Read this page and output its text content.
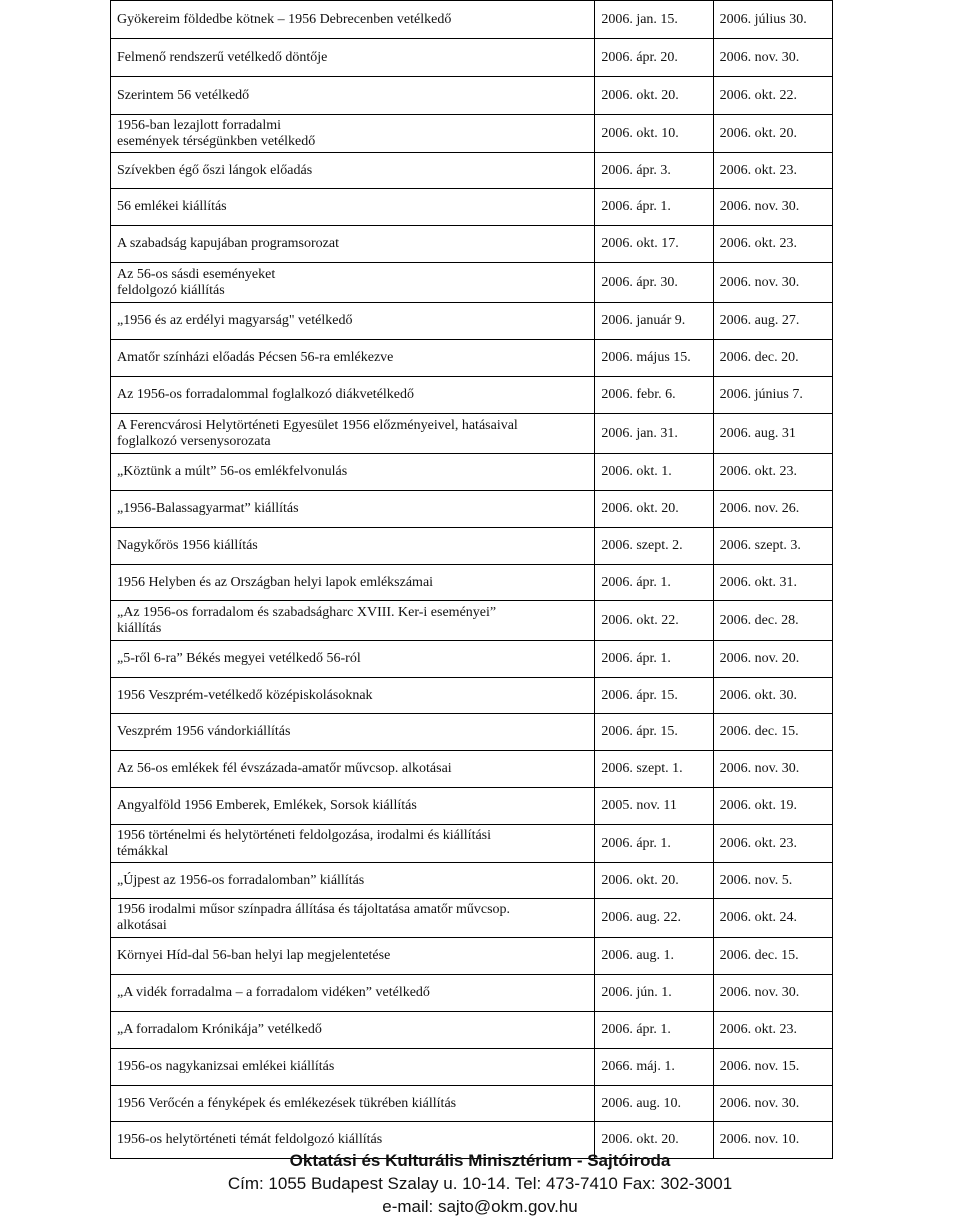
Gyökereim földedbe kötnek – 1956 Debrecenben vetélkedő	2006. jan. 15.	2006. július 30.
Felmenő rendszerű vetélkedő döntője	2006. ápr. 20.	2006. nov. 30.
Szerintem 56 vetélkedő	2006. okt. 20.	2006. okt. 22.
1956-ban lezajlott forradalmi
események térségünkben vetélkedő	2006. okt. 10.	2006. okt. 20.
Szívekben égő őszi lángok előadás	2006. ápr. 3.	2006. okt. 23.
56 emlékei kiállítás	2006. ápr. 1.	2006. nov. 30.
A szabadság kapujában programsorozat	2006. okt. 17.	2006. okt. 23.
Az 56-os sásdi eseményeket
feldolgozó kiállítás	2006. ápr. 30.	2006. nov. 30.
„1956 és az erdélyi magyarság" vetélkedő	2006. január 9.	2006. aug. 27.
Amatőr színházi előadás Pécsen 56-ra emlékezve	2006. május 15.	2006. dec. 20.
Az 1956-os forradalommal foglalkozó diákvetélkedő	2006. febr. 6.	2006. június 7.
A Ferencvárosi Helytörténeti Egyesület 1956 előzményeivel, hatásaival
foglalkozó versenysorozata	2006. jan. 31.	2006. aug. 31
„Köztünk a múlt” 56-os emlékfelvonulás	2006. okt. 1.	2006. okt. 23.
„1956-Balassagyarmat” kiállítás	2006. okt. 20.	2006. nov. 26.
Nagykőrös 1956 kiállítás	2006. szept. 2.	2006. szept. 3.
1956 Helyben és az Országban helyi lapok emlékszámai	2006. ápr. 1.	2006. okt. 31.
„Az 1956-os forradalom és szabadságharc XVIII. Ker-i eseményei”
kiállítás	2006. okt. 22.	2006. dec. 28.
„5-ről 6-ra” Békés megyei vetélkedő 56-ról	2006. ápr. 1.	2006. nov. 20.
1956 Veszprém-vetélkedő középiskolásoknak	2006. ápr. 15.	2006. okt. 30.
Veszprém 1956 vándorkiállítás	2006. ápr. 15.	2006. dec. 15.
Az 56-os emlékek fél évszázada-amatőr művcsop. alkotásai	2006. szept. 1.	2006. nov. 30.
Angyalföld 1956 Emberek, Emlékek, Sorsok kiállítás	2005. nov. 11	2006. okt. 19.
1956 történelmi és helytörténeti feldolgozása, irodalmi és kiállítási
témákkal	2006. ápr. 1.	2006. okt. 23.
„Újpest az 1956-os forradalomban” kiállítás	2006. okt. 20.	2006. nov. 5.
1956 irodalmi műsor színpadra állítása és tájoltatása amatőr művcsop.
alkotásai	2006. aug. 22.	2006. okt. 24.
Környei Híd-dal 56-ban helyi lap megjelentetése	2006. aug. 1.	2006. dec. 15.
„A vidék forradalma – a forradalom vidéken” vetélkedő	2006. jún. 1.	2006. nov. 30.
„A forradalom Krónikája” vetélkedő	2006. ápr. 1.	2006. okt. 23.
1956-os nagykanizsai emlékei kiállítás	2066. máj. 1.	2006. nov. 15.
1956 Verőcén a fényképek és emlékezések tükrében kiállítás	2006. aug. 10.	2006. nov. 30.
1956-os helytörténeti témát feldolgozó kiállítás	2006. okt. 20.	2006. nov. 10.
Oktatási és Kulturális Minisztérium - Sajtóiroda
Cím: 1055 Budapest Szalay u. 10-14. Tel: 473-7410 Fax: 302-3001
e-mail: sajto@okm.gov.hu
